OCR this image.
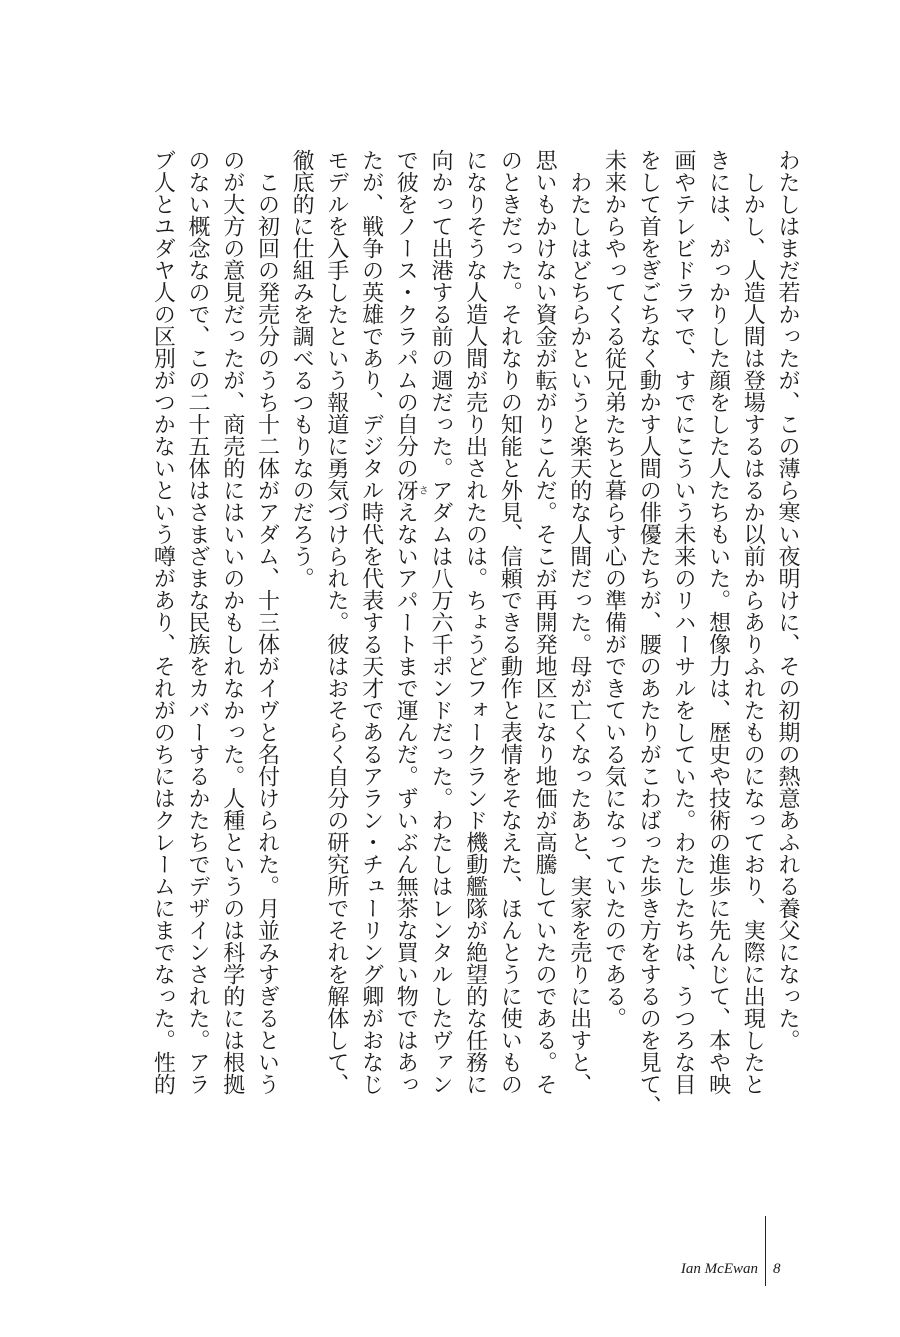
わたしはまだ若かったが、この薄ら寒い夜明けに、その初期の熱意あふれる養父になった。
　しかし、人造人間は登場するはるか以前からありふれたものになっており、実際に出現したと
きには、がっかりした顔をした人たちもいた。想像力は、歴史や技術の進歩に先んじて、本や映
画やテレビドラマで、すでにこういう未来のリハーサルをしていた。わたしたちは、うつろな目
をして首をぎごちなく動かす人間の俳優たちが、腰のあたりがこわばった歩き方をするのを見て、
未来からやってくる従兄弟たちと暮らす心の準備ができている気になっていたのである。
　わたしはどちらかというと楽天的な人間だった。母が亡くなったあと、実家を売りに出すと、
思いもかけない資金が転がりこんだ。そこが再開発地区になり地価が高騰していたのである。そ
のときだった。それなりの知能と外見、信頼できる動作と表情をそなえた、ほんとうに使いもの
になりそうな人造人間が売り出されたのは。ちょうどフォークランド機動艦隊が絶望的な任務に
向かって出港する前の週だった。アダムは八万六千ポンドだった。わたしはレンタルしたヴァン
で彼をノース・クラパムの自分の冴
さ
えないアパートまで運んだ。ずいぶん無茶な買い物ではあっ
たが、戦争の英雄であり、デジタル時代を代表する天才であるアラン・チューリング卿がおなじ
モデルを入手したという報道に勇気づけられた。彼はおそらく自分の研究所でそれを解体して、
徹底的に仕組みを調べるつもりなのだろう。
　この初回の発売分のうち十二体がアダム、十三体がイヴと名付けられた。月並みすぎるという
のが大方の意見だったが、商売的にはいいのかもしれなかった。人種というのは科学的には根拠
のない概念なので、この二十五体はさまざまな民族をカバーするかたちでデザインされた。アラ
ブ人とユダヤ人の区別がつかないという噂があり、それがのちにはクレームにまでなった。性的
Ian McEwan 8
